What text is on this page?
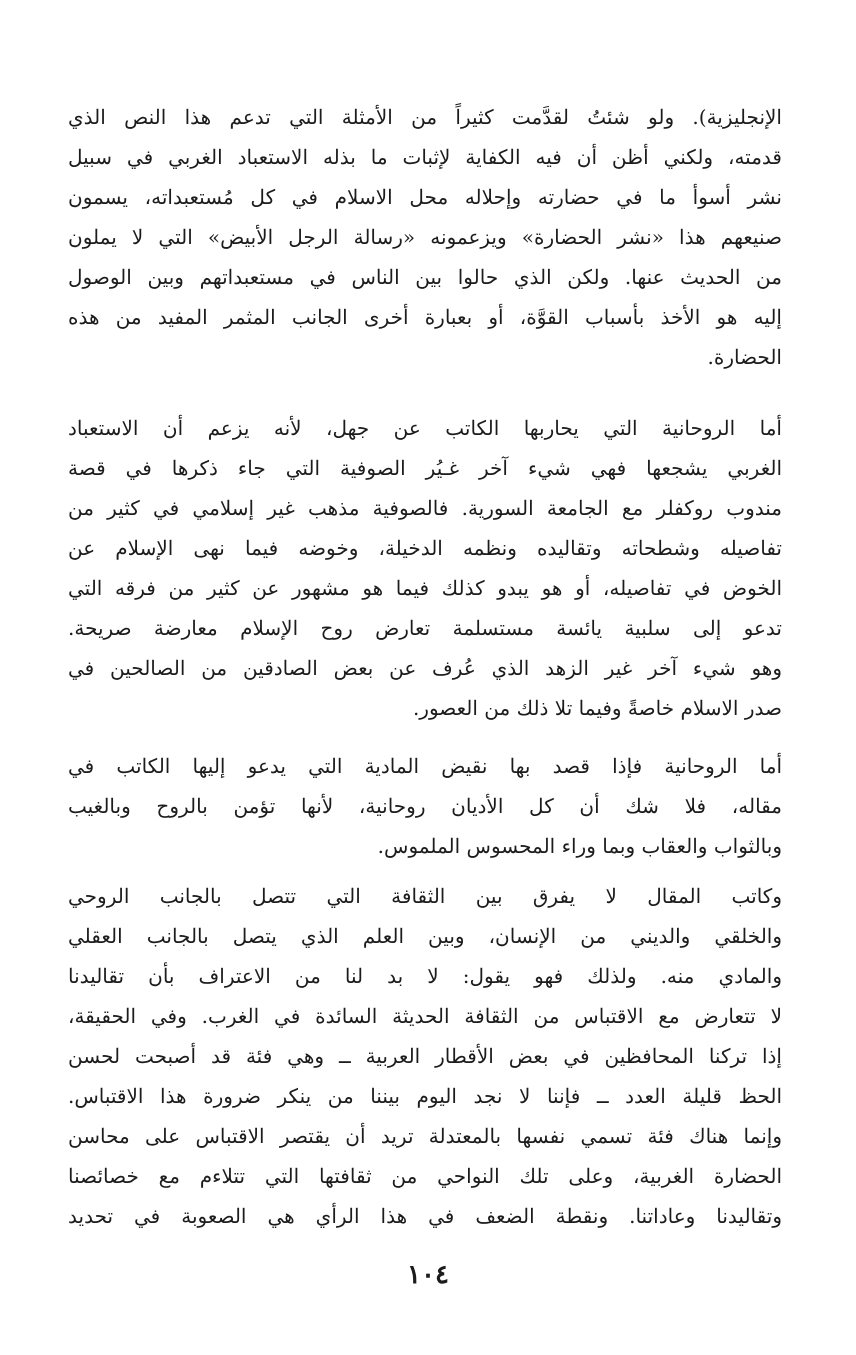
الإنجليزية). ولو شئتُ لقدَّمت كثيراً من الأمثلة التي تدعم هذا النص الذي
قدمته، ولكني أظن أن فيه الكفاية لإثبات ما بذله الاستعباد الغربي في سبيل
نشر أسوأ ما في حضارته وإحلاله محل الاسلام في كل مُستعبداته، يسمون
صنيعهم هذا «نشر الحضارة» ويزعمونه «رسالة الرجل الأبيض» التي لا يملون
من الحديث عنها. ولكن الذي حالوا بين الناس في مستعبداتهم وبين الوصول
إليه هو الأخذ بأسباب القوَّة، أو بعبارة أخرى الجانب المثمر المفيد من هذه
الحضارة.
أما الروحانية التي يحاربها الكاتب عن جهل، لأنه يزعم أن الاستعباد
الغربي يشجعها فهي شيء آخر غـيُر الصوفية التي جاء ذكرها في قصة
مندوب روكفلر مع الجامعة السورية. فالصوفية مذهب غير إسلامي في كثير من
تفاصيله وشطحاته وتقاليده ونظمه الدخيلة، وخوضه فيما نهى الإسلام عن
الخوض في تفاصيله، أو هو يبدو كذلك فيما هو مشهور عن كثير من فرقه التي
تدعو إلى سلبية يائسة مستسلمة تعارض روح الإسلام معارضة صريحة.
وهو شيء آخر غير الزهد الذي عُرف عن بعض الصادقين من الصالحين في
صدر الاسلام خاصةً وفيما تلا ذلك من العصور.
أما الروحانية فإذا قصد بها نقيض المادية التي يدعو إليها الكاتب في
مقاله، فلا شك أن كل الأديان روحانية، لأنها تؤمن بالروح وبالغيب
وبالثواب والعقاب وبما وراء المحسوس الملموس.
وكاتب المقال لا يفرق بين الثقافة التي تتصل بالجانب الروحي
والخلقي والديني من الإنسان، وبين العلم الذي يتصل بالجانب العقلي
والمادي منه. ولذلك فهو يقول: لا بد لنا من الاعتراف بأن تقاليدنا
لا تتعارض مع الاقتباس من الثقافة الحديثة السائدة في الغرب. وفي الحقيقة،
إذا تركنا المحافظين في بعض الأقطار العربية ــ وهي فئة قد أصبحت لحسن
الحظ قليلة العدد ــ فإننا لا نجد اليوم بيننا من ينكر ضرورة هذا الاقتباس.
وإنما هناك فئة تسمي نفسها بالمعتدلة تريد أن يقتصر الاقتباس على محاسن
الحضارة الغربية، وعلى تلك النواحي من ثقافتها التي تتلاءم مع خصائصنا
وتقاليدنا وعاداتنا. ونقطة الضعف في هذا الرأي هي الصعوبة في تحديد
١٠٤
